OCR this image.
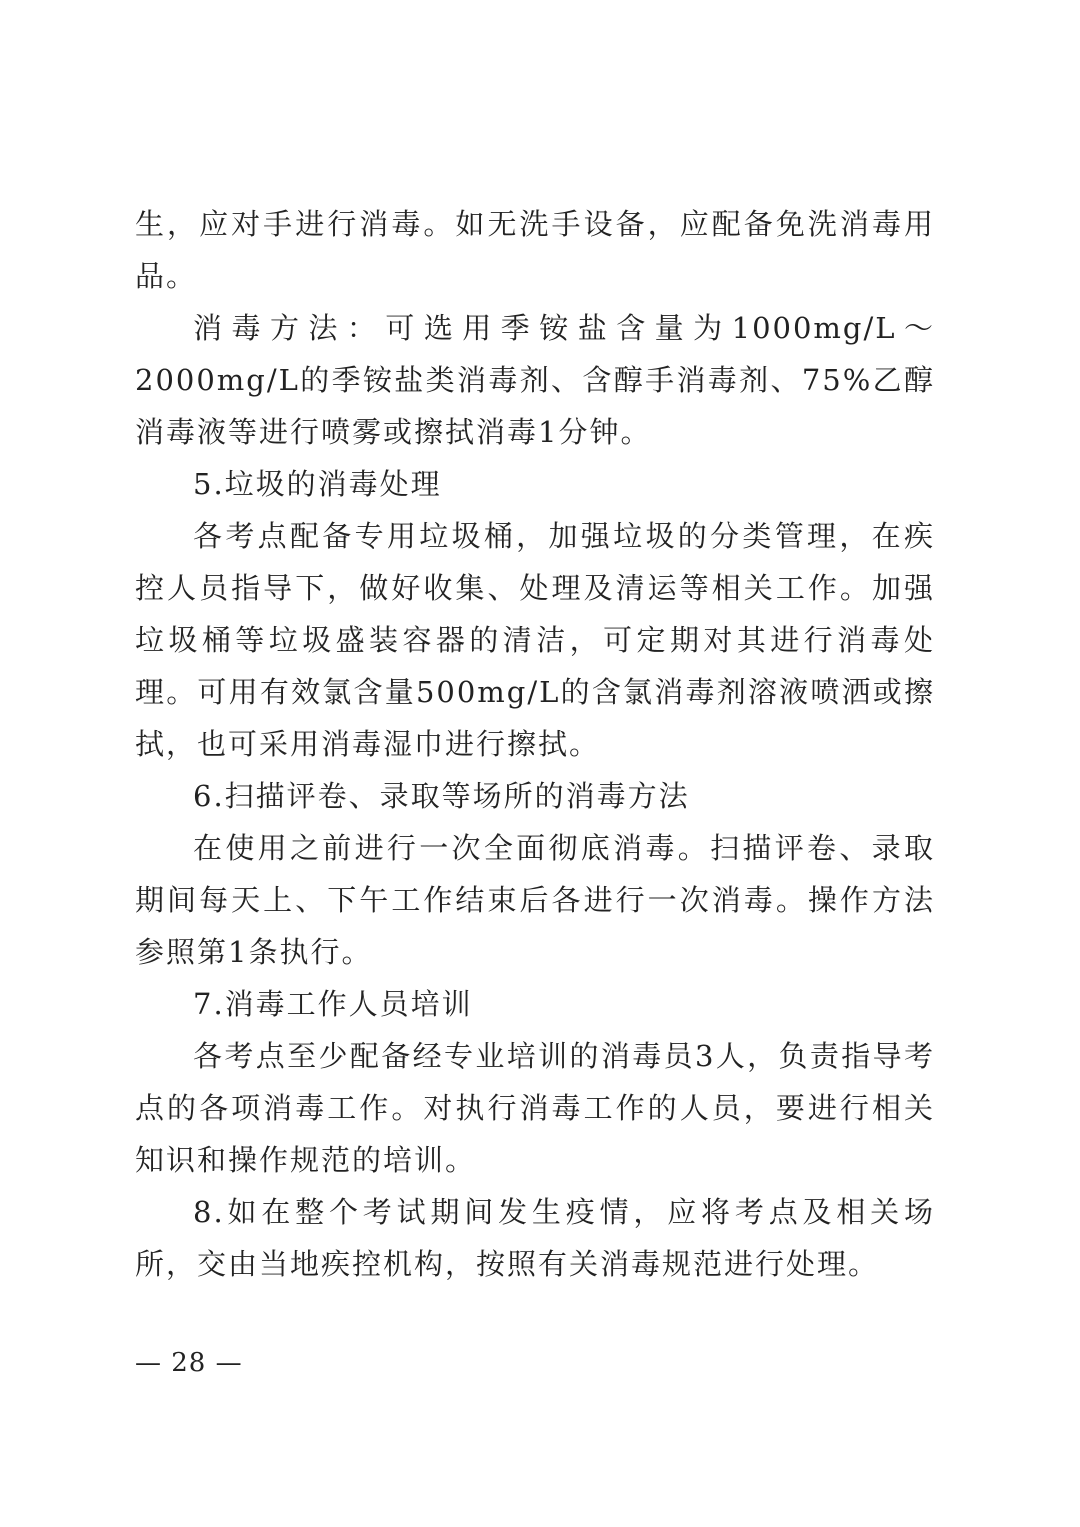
生，应对手进行消毒。如无洗手设备，应配备免洗消毒用品。

消毒方法：可选用季铵盐含量为1000mg/L～2000mg/L的季铵盐类消毒剂、含醇手消毒剂、75%乙醇消毒液等进行喷雾或擦拭消毒1分钟。

5.垃圾的消毒处理

各考点配备专用垃圾桶，加强垃圾的分类管理，在疾控人员指导下，做好收集、处理及清运等相关工作。加强垃圾桶等垃圾盛装容器的清洁，可定期对其进行消毒处理。可用有效氯含量500mg/L的含氯消毒剂溶液喷洒或擦拭，也可采用消毒湿巾进行擦拭。

6.扫描评卷、录取等场所的消毒方法

在使用之前进行一次全面彻底消毒。扫描评卷、录取期间每天上、下午工作结束后各进行一次消毒。操作方法参照第1条执行。

7.消毒工作人员培训

各考点至少配备经专业培训的消毒员3人，负责指导考点的各项消毒工作。对执行消毒工作的人员，要进行相关知识和操作规范的培训。

8.如在整个考试期间发生疫情，应将考点及相关场所，交由当地疾控机构，按照有关消毒规范进行处理。

— 28 —
